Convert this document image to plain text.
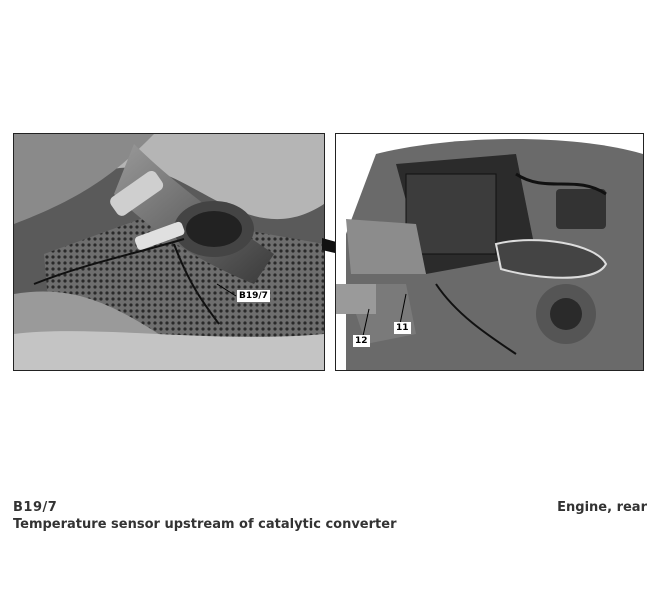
B19/7
11
12
B19/7
Temperature sensor upstream of catalytic converter
Engine, rear
